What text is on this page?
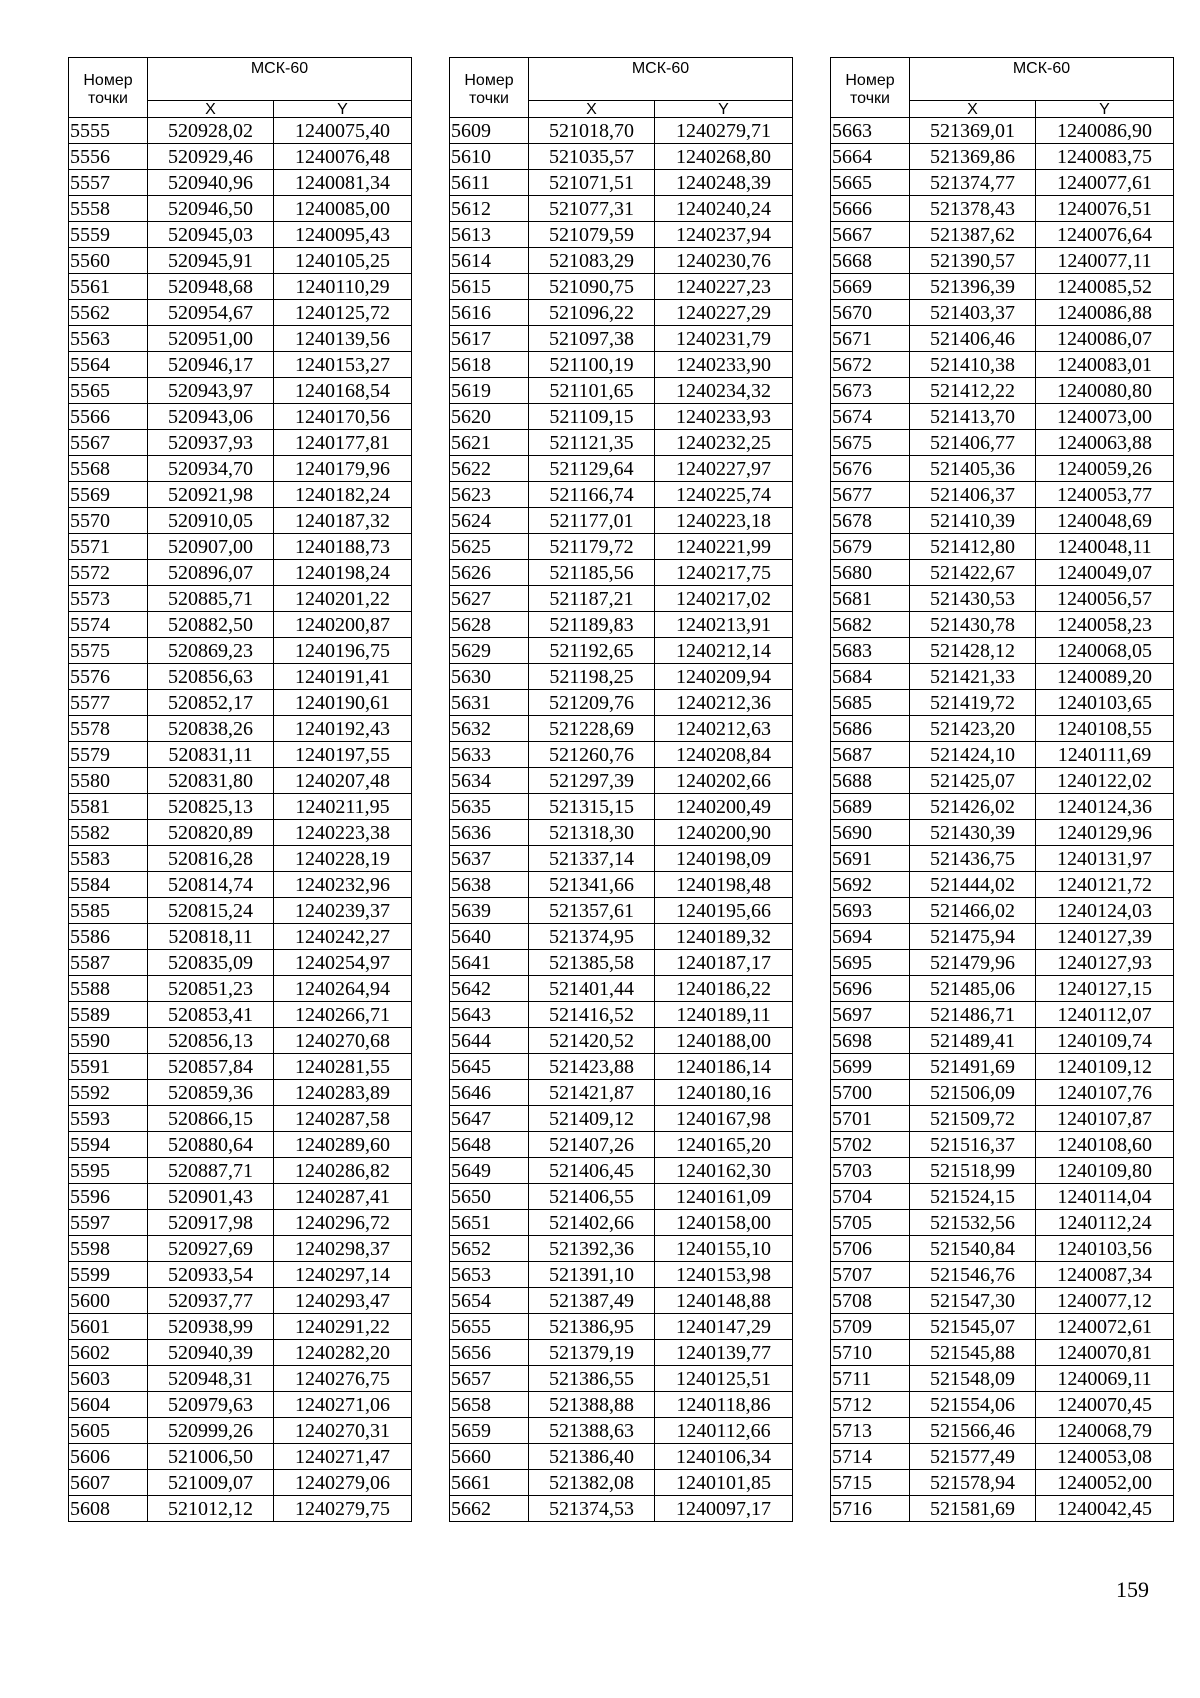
Номер точки	МСК-60	
	X	Y
5555	520928,02	1240075,40
5556	520929,46	1240076,48
5557	520940,96	1240081,34
5558	520946,50	1240085,00
5559	520945,03	1240095,43
5560	520945,91	1240105,25
5561	520948,68	1240110,29
5562	520954,67	1240125,72
5563	520951,00	1240139,56
5564	520946,17	1240153,27
5565	520943,97	1240168,54
5566	520943,06	1240170,56
5567	520937,93	1240177,81
5568	520934,70	1240179,96
5569	520921,98	1240182,24
5570	520910,05	1240187,32
5571	520907,00	1240188,73
5572	520896,07	1240198,24
5573	520885,71	1240201,22
5574	520882,50	1240200,87
5575	520869,23	1240196,75
5576	520856,63	1240191,41
5577	520852,17	1240190,61
5578	520838,26	1240192,43
5579	520831,11	1240197,55
5580	520831,80	1240207,48
5581	520825,13	1240211,95
5582	520820,89	1240223,38
5583	520816,28	1240228,19
5584	520814,74	1240232,96
5585	520815,24	1240239,37
5586	520818,11	1240242,27
5587	520835,09	1240254,97
5588	520851,23	1240264,94
5589	520853,41	1240266,71
5590	520856,13	1240270,68
5591	520857,84	1240281,55
5592	520859,36	1240283,89
5593	520866,15	1240287,58
5594	520880,64	1240289,60
5595	520887,71	1240286,82
5596	520901,43	1240287,41
5597	520917,98	1240296,72
5598	520927,69	1240298,37
5599	520933,54	1240297,14
5600	520937,77	1240293,47
5601	520938,99	1240291,22
5602	520940,39	1240282,20
5603	520948,31	1240276,75
5604	520979,63	1240271,06
5605	520999,26	1240270,31
5606	521006,50	1240271,47
5607	521009,07	1240279,06
5608	521012,12	1240279,75
Номер точки	МСК-60	
	X	Y
5609	521018,70	1240279,71
5610	521035,57	1240268,80
5611	521071,51	1240248,39
5612	521077,31	1240240,24
5613	521079,59	1240237,94
5614	521083,29	1240230,76
5615	521090,75	1240227,23
5616	521096,22	1240227,29
5617	521097,38	1240231,79
5618	521100,19	1240233,90
5619	521101,65	1240234,32
5620	521109,15	1240233,93
5621	521121,35	1240232,25
5622	521129,64	1240227,97
5623	521166,74	1240225,74
5624	521177,01	1240223,18
5625	521179,72	1240221,99
5626	521185,56	1240217,75
5627	521187,21	1240217,02
5628	521189,83	1240213,91
5629	521192,65	1240212,14
5630	521198,25	1240209,94
5631	521209,76	1240212,36
5632	521228,69	1240212,63
5633	521260,76	1240208,84
5634	521297,39	1240202,66
5635	521315,15	1240200,49
5636	521318,30	1240200,90
5637	521337,14	1240198,09
5638	521341,66	1240198,48
5639	521357,61	1240195,66
5640	521374,95	1240189,32
5641	521385,58	1240187,17
5642	521401,44	1240186,22
5643	521416,52	1240189,11
5644	521420,52	1240188,00
5645	521423,88	1240186,14
5646	521421,87	1240180,16
5647	521409,12	1240167,98
5648	521407,26	1240165,20
5649	521406,45	1240162,30
5650	521406,55	1240161,09
5651	521402,66	1240158,00
5652	521392,36	1240155,10
5653	521391,10	1240153,98
5654	521387,49	1240148,88
5655	521386,95	1240147,29
5656	521379,19	1240139,77
5657	521386,55	1240125,51
5658	521388,88	1240118,86
5659	521388,63	1240112,66
5660	521386,40	1240106,34
5661	521382,08	1240101,85
5662	521374,53	1240097,17
Номер точки	МСК-60	
	X	Y
5663	521369,01	1240086,90
5664	521369,86	1240083,75
5665	521374,77	1240077,61
5666	521378,43	1240076,51
5667	521387,62	1240076,64
5668	521390,57	1240077,11
5669	521396,39	1240085,52
5670	521403,37	1240086,88
5671	521406,46	1240086,07
5672	521410,38	1240083,01
5673	521412,22	1240080,80
5674	521413,70	1240073,00
5675	521406,77	1240063,88
5676	521405,36	1240059,26
5677	521406,37	1240053,77
5678	521410,39	1240048,69
5679	521412,80	1240048,11
5680	521422,67	1240049,07
5681	521430,53	1240056,57
5682	521430,78	1240058,23
5683	521428,12	1240068,05
5684	521421,33	1240089,20
5685	521419,72	1240103,65
5686	521423,20	1240108,55
5687	521424,10	1240111,69
5688	521425,07	1240122,02
5689	521426,02	1240124,36
5690	521430,39	1240129,96
5691	521436,75	1240131,97
5692	521444,02	1240121,72
5693	521466,02	1240124,03
5694	521475,94	1240127,39
5695	521479,96	1240127,93
5696	521485,06	1240127,15
5697	521486,71	1240112,07
5698	521489,41	1240109,74
5699	521491,69	1240109,12
5700	521506,09	1240107,76
5701	521509,72	1240107,87
5702	521516,37	1240108,60
5703	521518,99	1240109,80
5704	521524,15	1240114,04
5705	521532,56	1240112,24
5706	521540,84	1240103,56
5707	521546,76	1240087,34
5708	521547,30	1240077,12
5709	521545,07	1240072,61
5710	521545,88	1240070,81
5711	521548,09	1240069,11
5712	521554,06	1240070,45
5713	521566,46	1240068,79
5714	521577,49	1240053,08
5715	521578,94	1240052,00
5716	521581,69	1240042,45
159
